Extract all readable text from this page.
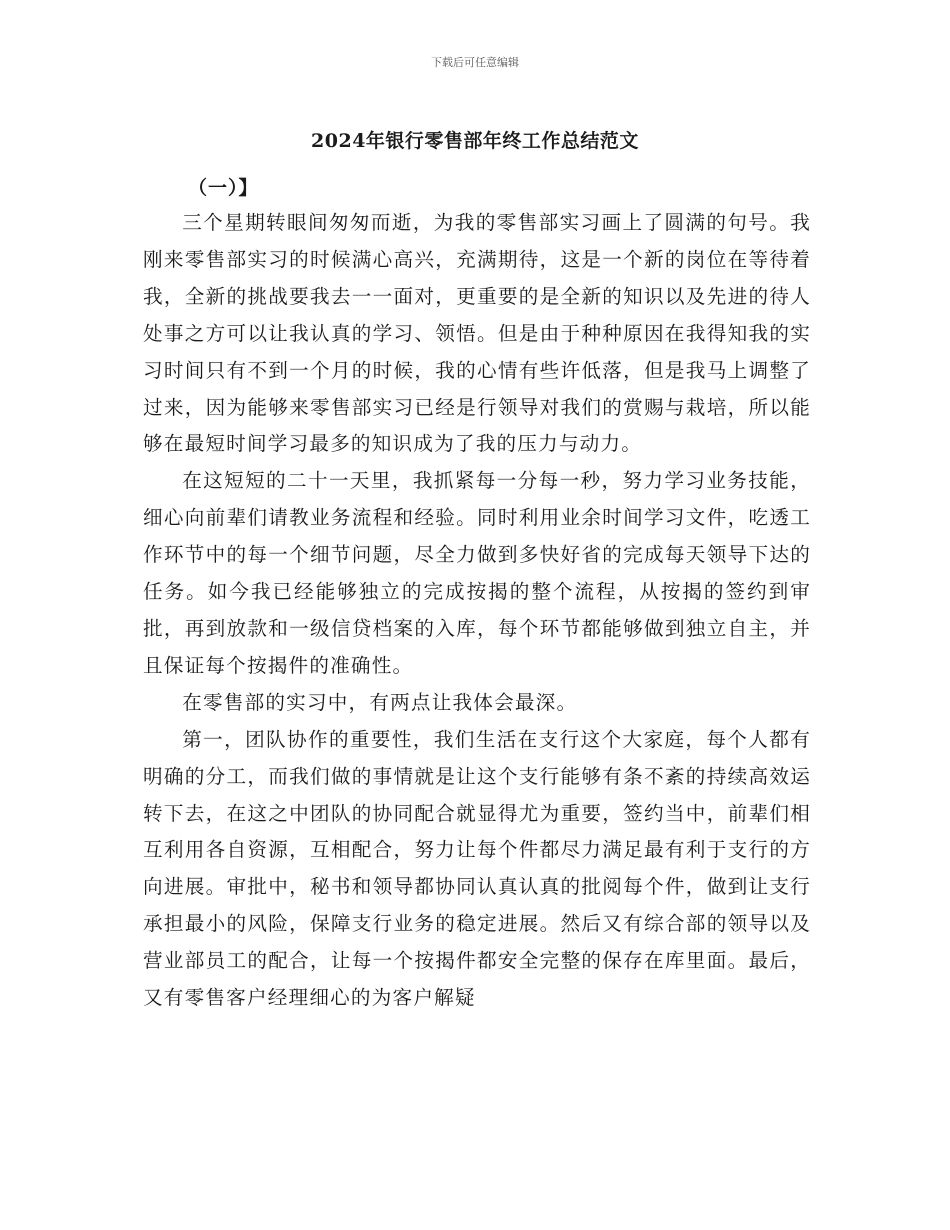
下载后可任意编辑
2024年银行零售部年终工作总结范文
（一）】

三个星期转眼间匆匆而逝，为我的零售部实习画上了圆满的句号。我刚来零售部实习的时候满心高兴，充满期待，这是一个新的岗位在等待着我，全新的挑战要我去一一面对，更重要的是全新的知识以及先进的待人处事之方可以让我认真的学习、领悟。但是由于种种原因在我得知我的实习时间只有不到一个月的时候，我的心情有些许低落，但是我马上调整了过来，因为能够来零售部实习已经是行领导对我们的赏赐与栽培，所以能够在最短时间学习最多的知识成为了我的压力与动力。

在这短短的二十一天里，我抓紧每一分每一秒，努力学习业务技能，细心向前辈们请教业务流程和经验。同时利用业余时间学习文件，吃透工作环节中的每一个细节问题，尽全力做到多快好省的完成每天领导下达的任务。如今我已经能够独立的完成按揭的整个流程，从按揭的签约到审批，再到放款和一级信贷档案的入库，每个环节都能够做到独立自主，并且保证每个按揭件的准确性。

在零售部的实习中，有两点让我体会最深。

第一，团队协作的重要性，我们生活在支行这个大家庭，每个人都有明确的分工，而我们做的事情就是让这个支行能够有条不紊的持续高效运转下去，在这之中团队的协同配合就显得尤为重要，签约当中，前辈们相互利用各自资源，互相配合，努力让每个件都尽力满足最有利于支行的方向进展。审批中，秘书和领导都协同认真认真的批阅每个件，做到让支行承担最小的风险，保障支行业务的稳定进展。然后又有综合部的领导以及营业部员工的配合，让每一个按揭件都安全完整的保存在库里面。最后，又有零售客户经理细心的为客户解疑
